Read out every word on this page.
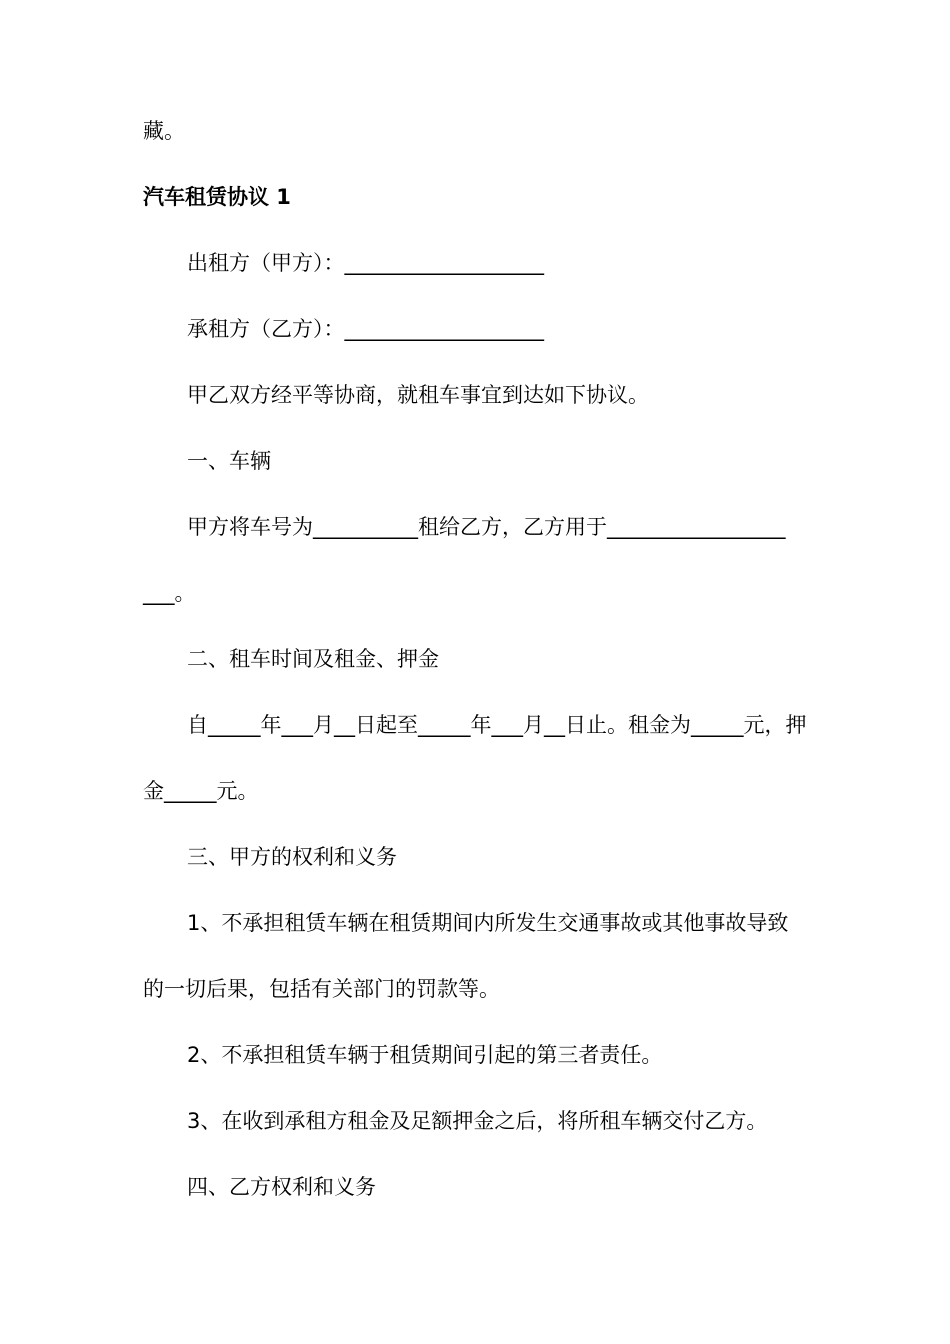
藏。
汽车租赁协议 1
出租方（甲方）：___________________
承租方（乙方）：___________________
甲乙双方经平等协商，就租车事宜到达如下协议。
一、车辆
甲方将车号为__________租给乙方，乙方用于_________________
___。
二、租车时间及租金、押金
自_____年___月__日起至_____年___月__日止。租金为_____元，押
金_____元。
三、甲方的权利和义务
1、不承担租赁车辆在租赁期间内所发生交通事故或其他事故导致
的一切后果，包括有关部门的罚款等。
2、不承担租赁车辆于租赁期间引起的第三者责任。
3、在收到承租方租金及足额押金之后，将所租车辆交付乙方。
四、乙方权利和义务
